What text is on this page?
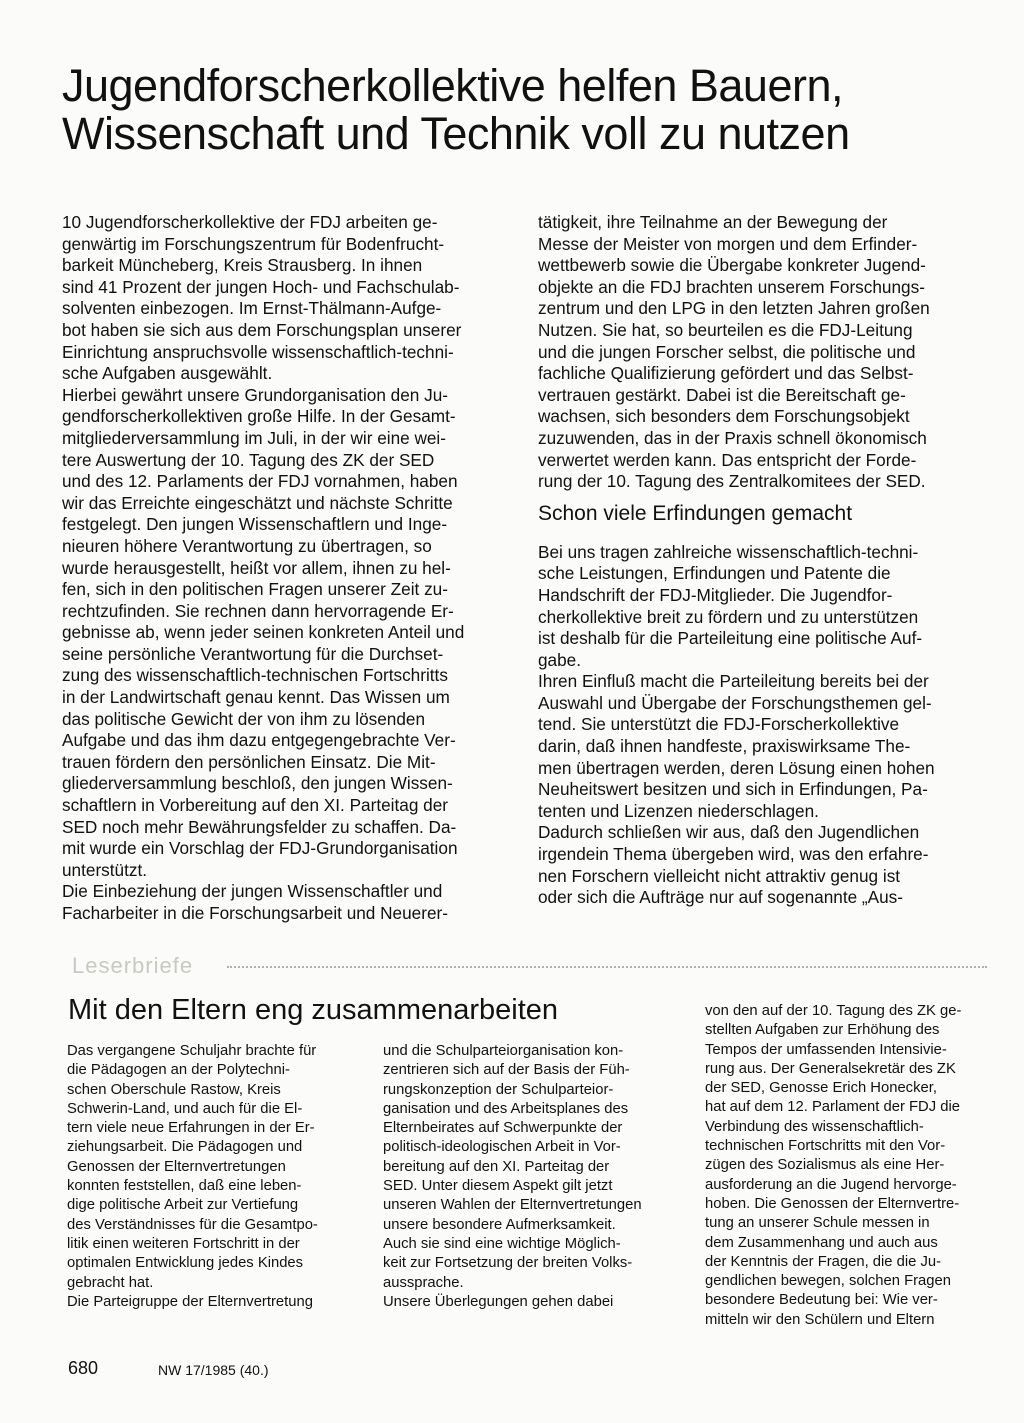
Jugendforscherkollektive helfen Bauern,
Wissenschaft und Technik voll zu nutzen

10 Jugendforscherkollektive der FDJ arbeiten ge-
genwärtig im Forschungszentrum für Bodenfrucht-
barkeit Müncheberg, Kreis Strausberg. In ihnen
sind 41 Prozent der jungen Hoch- und Fachschulab-
solventen einbezogen. Im Ernst-Thälmann-Aufge-
bot haben sie sich aus dem Forschungsplan unserer
Einrichtung anspruchsvolle wissenschaftlich-techni-
sche Aufgaben ausgewählt.

Hierbei gewährt unsere Grundorganisation den Ju-
gendforscherkollektiven große Hilfe. In der Gesamt-
mitgliederversammlung im Juli, in der wir eine wei-
tere Auswertung der 10. Tagung des ZK der SED
und des 12. Parlaments der FDJ vornahmen, haben
wir das Erreichte eingeschätzt und nächste Schritte
festgelegt. Den jungen Wissenschaftlern und Inge-
nieuren höhere Verantwortung zu übertragen, so
wurde herausgestellt, heißt vor allem, ihnen zu hel-
fen, sich in den politischen Fragen unserer Zeit zu-
rechtzufinden. Sie rechnen dann hervorragende Er-
gebnisse ab, wenn jeder seinen konkreten Anteil und
seine persönliche Verantwortung für die Durchset-
zung des wissenschaftlich-technischen Fortschritts
in der Landwirtschaft genau kennt. Das Wissen um
das politische Gewicht der von ihm zu lösenden
Aufgabe und das ihm dazu entgegengebrachte Ver-
trauen fördern den persönlichen Einsatz. Die Mit-
gliederversammlung beschloß, den jungen Wissen-
schaftlern in Vorbereitung auf den XI. Parteitag der
SED noch mehr Bewährungsfelder zu schaffen. Da-
mit wurde ein Vorschlag der FDJ-Grundorganisation
unterstützt.

Die Einbeziehung der jungen Wissenschaftler und
Facharbeiter in die Forschungsarbeit und Neuerer-

tätigkeit, ihre Teilnahme an der Bewegung der
Messe der Meister von morgen und dem Erfinder-
wettbewerb sowie die Übergabe konkreter Jugend-
objekte an die FDJ brachten unserem Forschungs-
zentrum und den LPG in den letzten Jahren großen
Nutzen. Sie hat, so beurteilen es die FDJ-Leitung
und die jungen Forscher selbst, die politische und
fachliche Qualifizierung gefördert und das Selbst-
vertrauen gestärkt. Dabei ist die Bereitschaft ge-
wachsen, sich besonders dem Forschungsobjekt
zuzuwenden, das in der Praxis schnell ökonomisch
verwertet werden kann. Das entspricht der Forde-
rung der 10. Tagung des Zentralkomitees der SED.

Schon viele Erfindungen gemacht

Bei uns tragen zahlreiche wissenschaftlich-techni-
sche Leistungen, Erfindungen und Patente die
Handschrift der FDJ-Mitglieder. Die Jugendfor-
cherkollektive breit zu fördern und zu unterstützen
ist deshalb für die Parteileitung eine politische Auf-
gabe.

Ihren Einfluß macht die Parteileitung bereits bei der
Auswahl und Übergabe der Forschungsthemen gel-
tend. Sie unterstützt die FDJ-Forscherkollektive
darin, daß ihnen handfeste, praxiswirksame The-
men übertragen werden, deren Lösung einen hohen
Neuheitswert besitzen und sich in Erfindungen, Pa-
tenten und Lizenzen niederschlagen.

Dadurch schließen wir aus, daß den Jugendlichen
irgendein Thema übergeben wird, was den erfahre-
nen Forschern vielleicht nicht attraktiv genug ist
oder sich die Aufträge nur auf sogenannte „Aus-

Leserbriefe
Mit den Eltern eng zusammenarbeiten

Das vergangene Schuljahr brachte für
die Pädagogen an der Polytechni-
schen Oberschule Rastow, Kreis
Schwerin-Land, und auch für die El-
tern viele neue Erfahrungen in der Er-
ziehungsarbeit. Die Pädagogen und
Genossen der Elternvertretungen
konnten feststellen, daß eine leben-
dige politische Arbeit zur Vertiefung
des Verständnisses für die Gesamtpo-
litik einen weiteren Fortschritt in der
optimalen Entwicklung jedes Kindes
gebracht hat.

Die Parteigruppe der Elternvertretung

und die Schulparteiorganisation kon-
zentrieren sich auf der Basis der Füh-
rungskonzeption der Schulparteior-
ganisation und des Arbeitsplanes des
Elternbeirates auf Schwerpunkte der
politisch-ideologischen Arbeit in Vor-
bereitung auf den XI. Parteitag der
SED. Unter diesem Aspekt gilt jetzt
unseren Wahlen der Elternvertretungen
unsere besondere Aufmerksamkeit.
Auch sie sind eine wichtige Möglich-
keit zur Fortsetzung der breiten Volks-
aussprache.

Unsere Überlegungen gehen dabei

von den auf der 10. Tagung des ZK ge-
stellten Aufgaben zur Erhöhung des
Tempos der umfassenden Intensivie-
rung aus. Der Generalsekretär des ZK
der SED, Genosse Erich Honecker,
hat auf dem 12. Parlament der FDJ die
Verbindung des wissenschaftlich-
technischen Fortschritts mit den Vor-
zügen des Sozialismus als eine Her-
ausforderung an die Jugend hervorge-
hoben. Die Genossen der Elternvertre-
tung an unserer Schule messen in
dem Zusammenhang und auch aus
der Kenntnis der Fragen, die die Ju-
gendlichen bewegen, solchen Fragen
besondere Bedeutung bei: Wie ver-
mitteln wir den Schülern und Eltern

680	NW 17/1985 (40.)
